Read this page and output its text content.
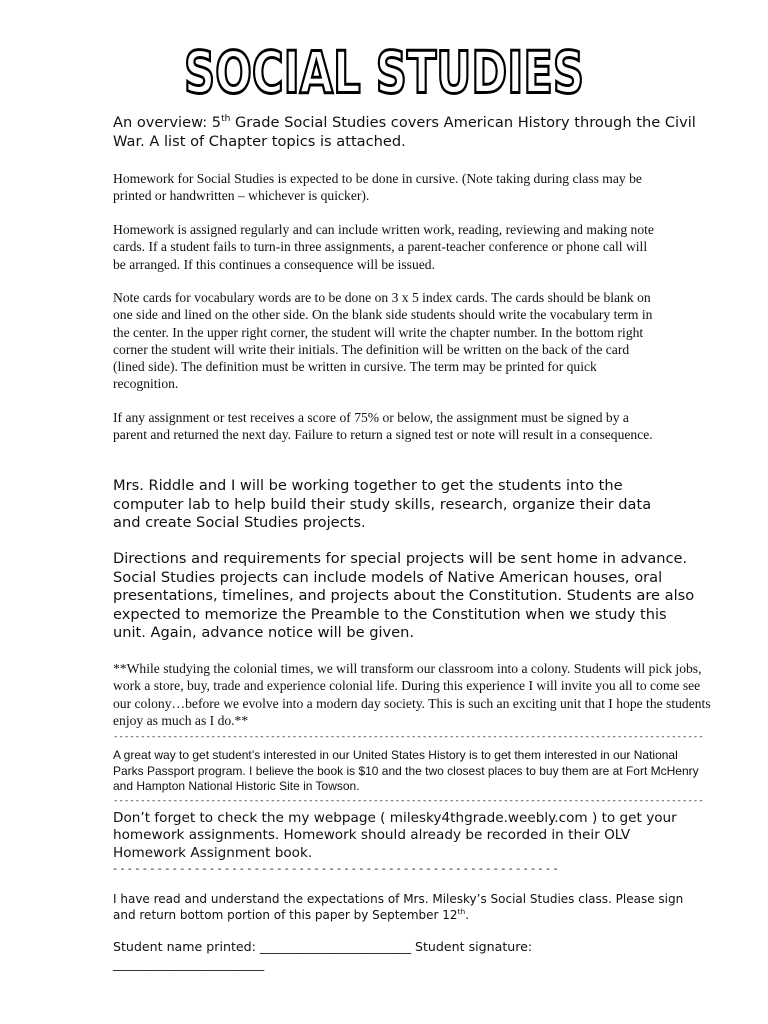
SOCIAL STUDIES
An overview: 5th Grade Social Studies covers American History through the Civil War. A list of Chapter topics is attached.
Homework for Social Studies is expected to be done in cursive. (Note taking during class may be printed or handwritten – whichever is quicker).
Homework is assigned regularly and can include written work, reading, reviewing and making note cards. If a student fails to turn-in three assignments, a parent-teacher conference or phone call will be arranged. If this continues a consequence will be issued.
Note cards for vocabulary words are to be done on 3 x 5 index cards. The cards should be blank on one side and lined on the other side. On the blank side students should write the vocabulary term in the center. In the upper right corner, the student will write the chapter number. In the bottom right corner the student will write their initials. The definition will be written on the back of the card (lined side). The definition must be written in cursive. The term may be printed for quick recognition.
If any assignment or test receives a score of 75% or below, the assignment must be signed by a parent and returned the next day. Failure to return a signed test or note will result in a consequence.
Mrs. Riddle and I will be working together to get the students into the computer lab to help build their study skills, research, organize their data and create Social Studies projects.
Directions and requirements for special projects will be sent home in advance. Social Studies projects can include models of Native American houses, oral presentations, timelines, and projects about the Constitution. Students are also expected to memorize the Preamble to the Constitution when we study this unit. Again, advance notice will be given.
**While studying the colonial times, we will transform our classroom into a colony. Students will pick jobs, work a store, buy, trade and experience colonial life. During this experience I will invite you all to come see our colony…before we evolve into a modern day society. This is such an exciting unit that I hope the students enjoy as much as I do.**
-------------------------------------------------------------------------------------------------------------
A great way to get student’s interested in our United States History is to get them interested in our National Parks Passport program. I believe the book is $10 and the two closest places to buy them are at Fort McHenry and Hampton National Historic Site in Towson.
-------------------------------------------------------------------------------------------------------------
Don’t forget to check the my webpage ( milesky4thgrade.weebly.com ) to get your homework assignments. Homework should already be recorded in their OLV Homework Assignment book.
- - - - - - - - - - - - - - - - - - - - - - - - - - - - - - - - - - - - - - - - - - - - - - - - - - - - - - - - - - - -
I have read and understand the expectations of Mrs. Milesky’s Social Studies class. Please sign and return bottom portion of this paper by September 12th.
Student name printed: ________________________ Student signature: ________________________
